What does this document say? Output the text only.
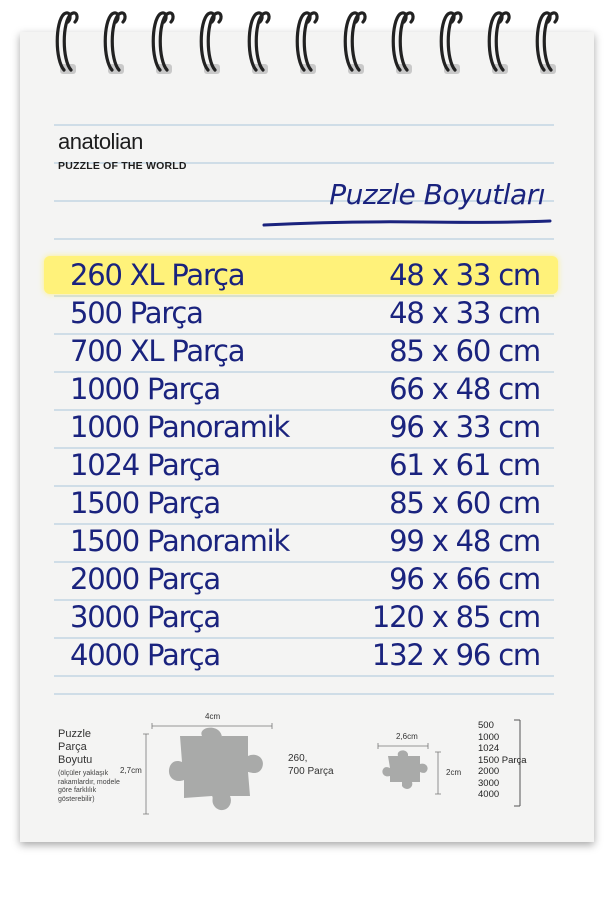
anatolian
PUZZLE OF THE WORLD
Puzzle Boyutları
260 XL Parça	48 x 33 cm
500 Parça	48 x 33 cm
700 XL Parça	85 x 60 cm
1000 Parça	66 x 48 cm
1000 Panoramik	96 x 33 cm
1024 Parça	61 x 61 cm
1500 Parça	85 x 60 cm
1500 Panoramik	99 x 48 cm
2000 Parça	96 x 66 cm
3000 Parça	120 x 85 cm
4000 Parça	132 x 96 cm
Puzzle
Parça
Boyutu
(ölçüler yaklaşık
rakamlardır, modele
göre farklılık
gösterebilir)
4cm
2,7cm
260,
700 Parça
2,6cm
2cm
500
1000
1024
1500 Parça
2000
3000
4000
